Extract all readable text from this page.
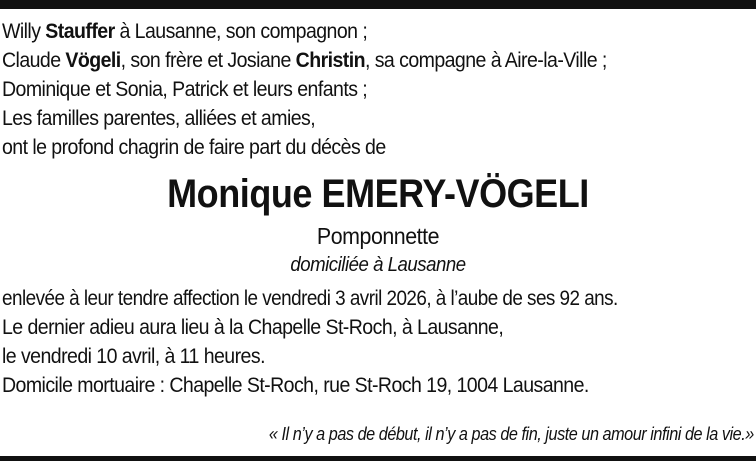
Willy Stauffer à Lausanne, son compagnon ;
Claude Vögeli, son frère et Josiane Christin, sa compagne à Aire-la-Ville ;
Dominique et Sonia, Patrick et leurs enfants ;
Les familles parentes, alliées et amies,
ont le profond chagrin de faire part du décès de
Monique EMERY-VÖGELI
Pomponnette
domiciliée à Lausanne
enlevée à leur tendre affection le vendredi 3 avril 2026, à l’aube de ses 92 ans.
Le dernier adieu aura lieu à la Chapelle St-Roch, à Lausanne,
le vendredi 10 avril, à 11 heures.
Domicile mortuaire : Chapelle St-Roch, rue St-Roch 19, 1004 Lausanne.
« Il n’y a pas de début, il n’y a pas de fin, juste un amour infini de la vie.»
